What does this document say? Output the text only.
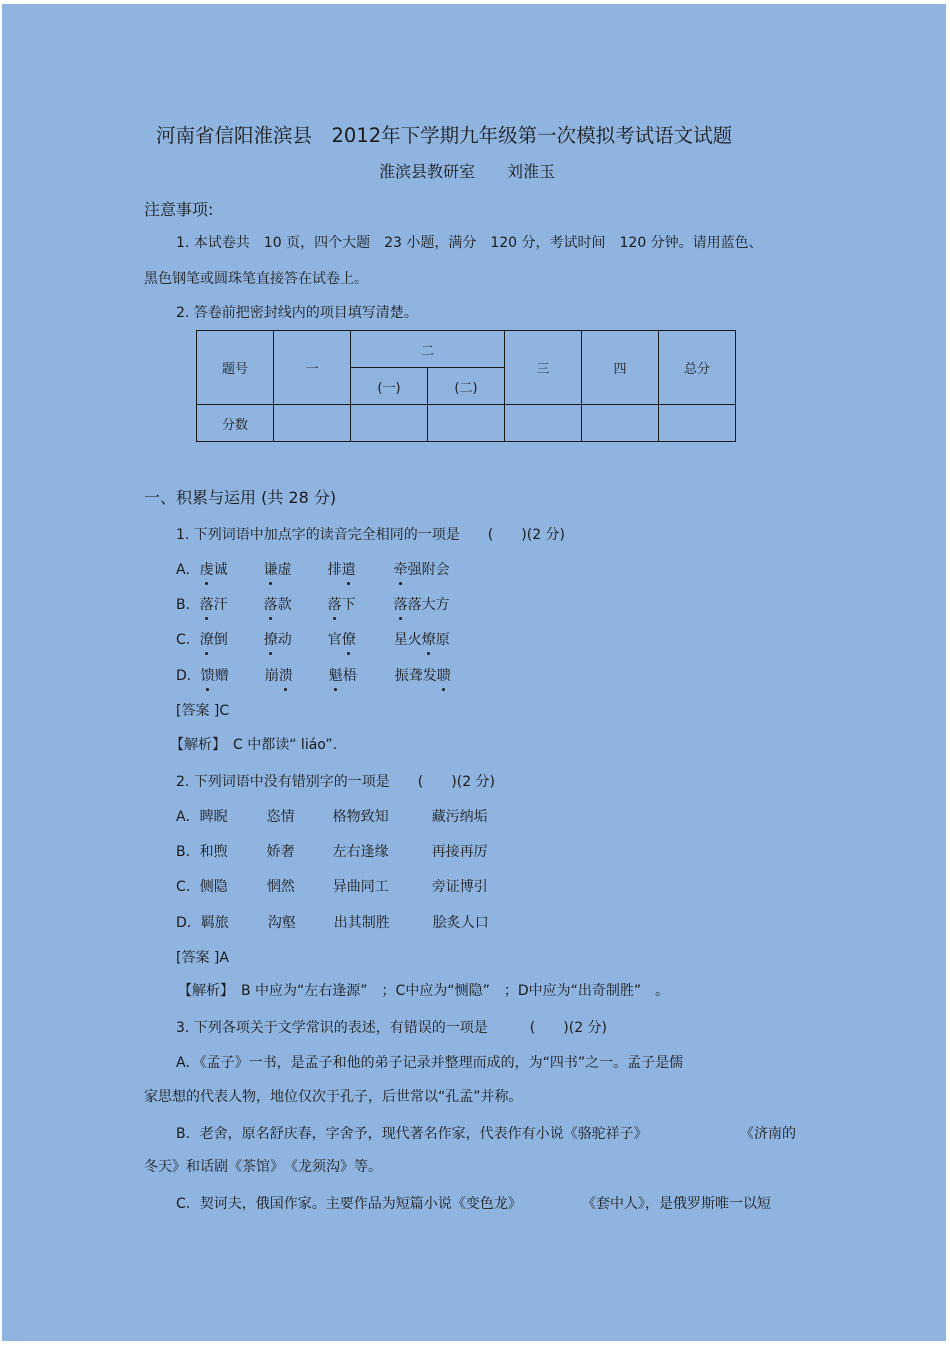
河南省信阳淮滨县　2012年下学期九年级第一次模拟考试语文试题
淮滨县教研室　　刘淮玉
注意事项:
1. 本试卷共　10 页，四个大题　23 小题，满分　120 分，考试时间　120 分钟。请用蓝色、
黑色钢笔或圆珠笔直接答在试卷上。
2. 答卷前把密封线内的项目填写清楚。
题号	一	二		三	四	总分
		(一)	(二)			
分数						
一、积累与运用 (共 28 分)
1. 下列词语中加点字的读音完全相同的一项是　　(　　)(2 分)
A．虔诚	谦虚	排遣	牵强附会
B．落汗	落款	落下	落落大方
C．潦倒	撩动	官僚	星火燎原
D．馈赠	崩溃	魁梧	振聋发聩
[答案 ]C
【解析】　C 中都读“ liáo”.
2. 下列词语中没有错别字的一项是　　(　　)(2 分)
A．睥睨	恣情	格物致知	藏污纳垢
B．和煦	娇奢	左右逢缘	再接再厉
C．侧隐	惘然	异曲同工	旁证博引
D．羁旅	沟壑	出其制胜	脍炙人口
[答案 ]A
【解析】　B 中应为“左右逢源”　；C中应为“恻隐”　；D中应为“出奇制胜”　。
3. 下列各项关于文学常识的表述，有错误的一项是　　　(　　)(2 分)
A．《孟子》一书，是孟子和他的弟子记录并整理而成的，为“四书”之一。孟子是儒
家思想的代表人物，地位仅次于孔子，后世常以“孔孟”并称。
B．老舍，原名舒庆春，字舍予，现代著名作家，代表作有小说《骆驼祥子》	《济南的
冬天》和话剧《茶馆》　《龙须沟》等。
C．契诃夫，俄国作家。主要作品为短篇小说《变色龙》	《套中人》，是俄罗斯唯一以短
